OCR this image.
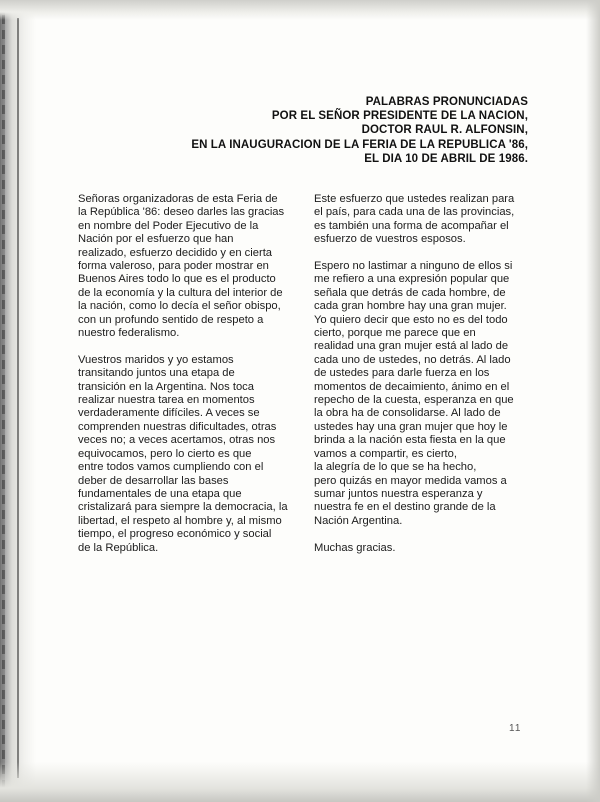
PALABRAS PRONUNCIADAS
POR EL SEÑOR PRESIDENTE DE LA NACION,
DOCTOR RAUL R. ALFONSIN,
EN LA INAUGURACION DE LA FERIA DE LA REPUBLICA '86,
EL DIA 10 DE ABRIL DE 1986.
Señoras organizadoras de esta Feria de
la República '86: deseo darles las gracias
en nombre del Poder Ejecutivo de la
Nación por el esfuerzo que han
realizado, esfuerzo decidido y en cierta
forma valeroso, para poder mostrar en
Buenos Aires todo lo que es el producto
de la economía y la cultura del interior de
la nación, como lo decía el señor obispo,
con un profundo sentido de respeto a
nuestro federalismo.
Vuestros maridos y yo estamos
transitando juntos una etapa de
transición en la Argentina. Nos toca
realizar nuestra tarea en momentos
verdaderamente difíciles. A veces se
comprenden nuestras dificultades, otras
veces no; a veces acertamos, otras nos
equivocamos, pero lo cierto es que
entre todos vamos cumpliendo con el
deber de desarrollar las bases
fundamentales de una etapa que
cristalizará para siempre la democracia, la
libertad, el respeto al hombre y, al mismo
tiempo, el progreso económico y social
de la República.
Este esfuerzo que ustedes realizan para
el país, para cada una de las provincias,
es también una forma de acompañar el
esfuerzo de vuestros esposos.
Espero no lastimar a ninguno de ellos si
me refiero a una expresión popular que
señala que detrás de cada hombre, de
cada gran hombre hay una gran mujer.
Yo quiero decir que esto no es del todo
cierto, porque me parece que en
realidad una gran mujer está al lado de
cada uno de ustedes, no detrás. Al lado
de ustedes para darle fuerza en los
momentos de decaimiento, ánimo en el
repecho de la cuesta, esperanza en que
la obra ha de consolidarse. Al lado de
ustedes hay una gran mujer que hoy le
brinda a la nación esta fiesta en la que
vamos a compartir, es cierto,
la alegría de lo que se ha hecho,
pero quizás en mayor medida vamos a
sumar juntos nuestra esperanza y
nuestra fe en el destino grande de la
Nación Argentina.
Muchas gracias.
11
